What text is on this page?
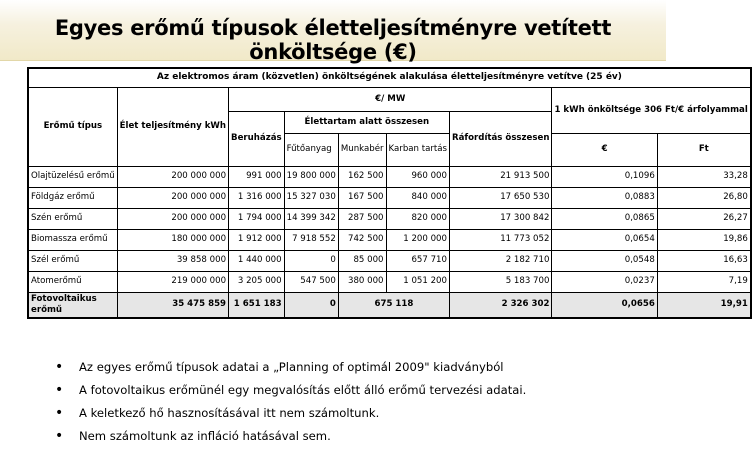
Egyes erőmű típusok életteljesítményre vetített önköltsége (€)
Az elektromos áram (közvetlen) önköltségének alakulása életteljesítményre vetítve (25 év)								
Erőmű típus	Élet teljesítmény kWh	€/ MW					1 kWh önköltsége 306 Ft/€ árfolyammal	
		Beruházás	Élettartam alatt összesen			Ráfordítás összesen		
			Fűtőanyag	Munkabér	Karban tartás		€	Ft
Olajtüzelésű erőmű	200 000 000	991 000	19 800 000	162 500	960 000	21 913 500	0,1096	33,28
Földgáz erőmű	200 000 000	1 316 000	15 327 030	167 500	840 000	17 650 530	0,0883	26,80
Szén erőmű	200 000 000	1 794 000	14 399 342	287 500	820 000	17 300 842	0,0865	26,27
Biomassza erőmű	180 000 000	1 912 000	7 918 552	742 500	1 200 000	11 773 052	0,0654	19,86
Szél erőmű	39 858 000	1 440 000	0	85 000	657 710	2 182 710	0,0548	16,63
Atomerőmű	219 000 000	3 205 000	547 500	380 000	1 051 200	5 183 700	0,0237	7,19
Fotovoltaikus erőmű	35 475 859	1 651 183	0	675 118		2 326 302	0,0656	19,91
• Az egyes erőmű típusok adatai a „Planning of optimál 2009" kiadványból
• A fotovoltaikus erőmünél egy megvalósítás előtt álló erőmű tervezési adatai.
• A keletkező hő hasznosításával itt nem számoltunk.
• Nem számoltunk az infláció hatásával sem.
